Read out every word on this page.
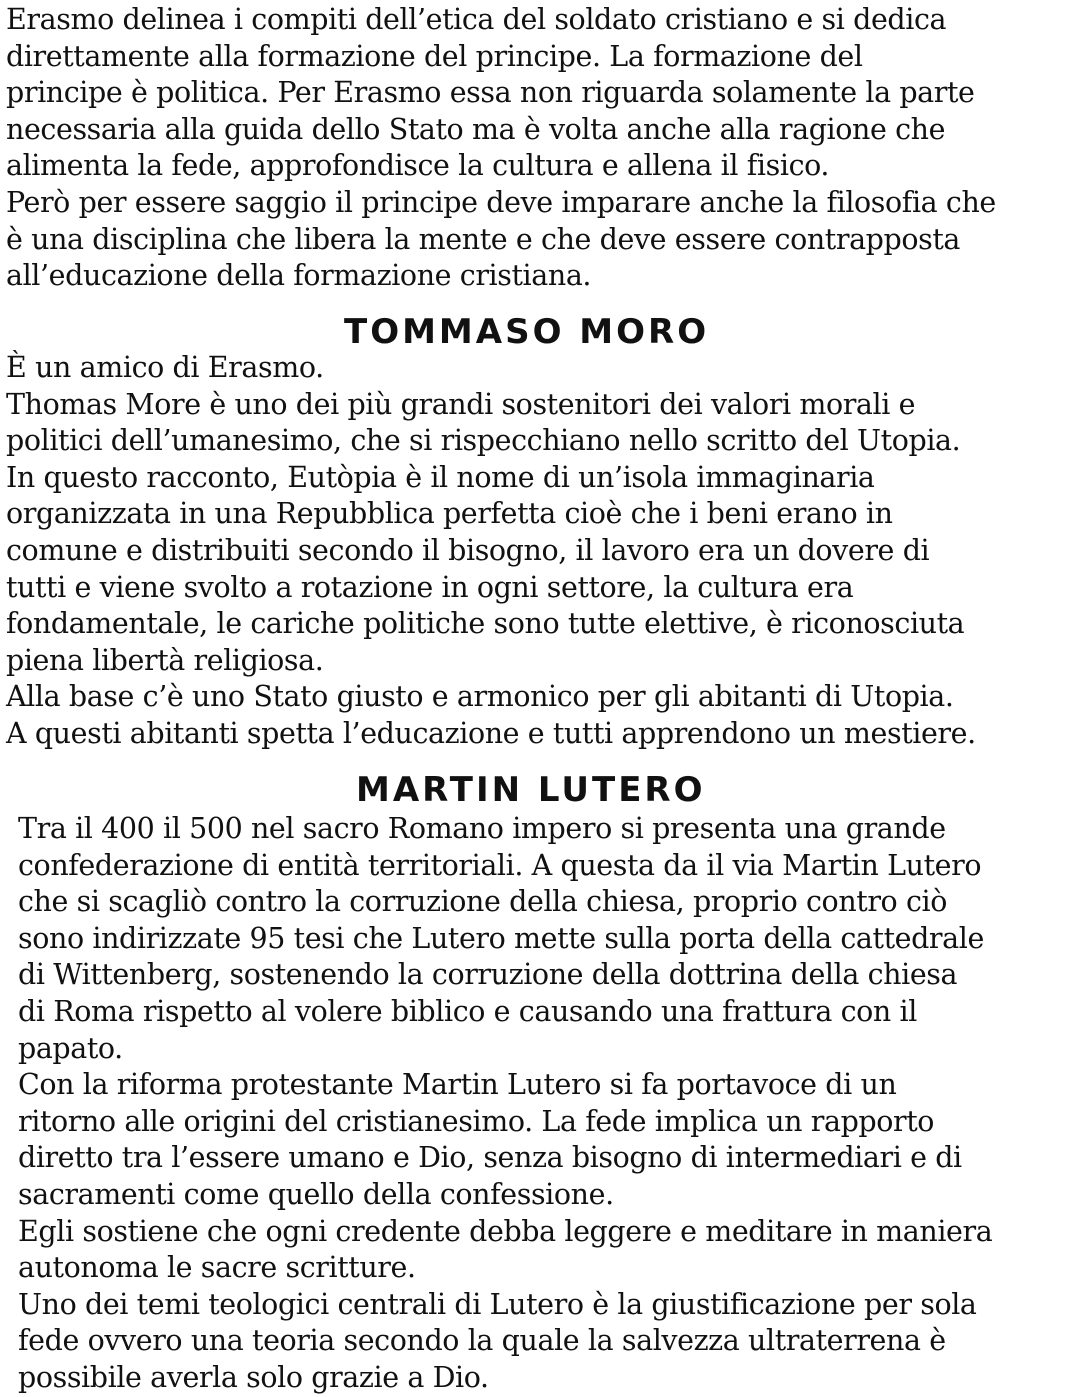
Erasmo delinea i compiti dell’etica del soldato cristiano e si dedica
direttamente alla formazione del principe. La formazione del
principe è politica. Per Erasmo essa non riguarda solamente la parte
necessaria alla guida dello Stato ma è volta anche alla ragione che
alimenta la fede, approfondisce la cultura e allena il fisico.
Però per essere saggio il principe deve imparare anche la filosofia che
è una disciplina che libera la mente e che deve essere contrapposta
all’educazione della formazione cristiana.
TOMMASO MORO
È un amico di Erasmo.
Thomas More è uno dei più grandi sostenitori dei valori morali e
politici dell’umanesimo, che si rispecchiano nello scritto del Utopia.
In questo racconto, Eutòpia è il nome di un’isola immaginaria
organizzata in una Repubblica perfetta cioè che i beni erano in
comune e distribuiti secondo il bisogno, il lavoro era un dovere di
tutti e viene svolto a rotazione in ogni settore, la cultura era
fondamentale, le cariche politiche sono tutte elettive, è riconosciuta
piena libertà religiosa.
Alla base c’è uno Stato giusto e armonico per gli abitanti di Utopia.
A questi abitanti spetta l’educazione e tutti apprendono un mestiere.
MARTIN LUTERO
Tra il 400 il 500 nel sacro Romano impero si presenta una grande
confederazione di entità territoriali. A questa da il via Martin Lutero
che si scagliò contro la corruzione della chiesa, proprio contro ciò
sono indirizzate 95 tesi che Lutero mette sulla porta della cattedrale
di Wittenberg, sostenendo la corruzione della dottrina della chiesa
di Roma rispetto al volere biblico e causando una frattura con il
papato.
Con la riforma protestante Martin Lutero si fa portavoce di un
ritorno alle origini del cristianesimo. La fede implica un rapporto
diretto tra l’essere umano e Dio, senza bisogno di intermediari e di
sacramenti come quello della confessione.
Egli sostiene che ogni credente debba leggere e meditare in maniera
autonoma le sacre scritture.
Uno dei temi teologici centrali di Lutero è la giustificazione per sola
fede ovvero una teoria secondo la quale la salvezza ultraterrena è
possibile averla solo grazie a Dio.
